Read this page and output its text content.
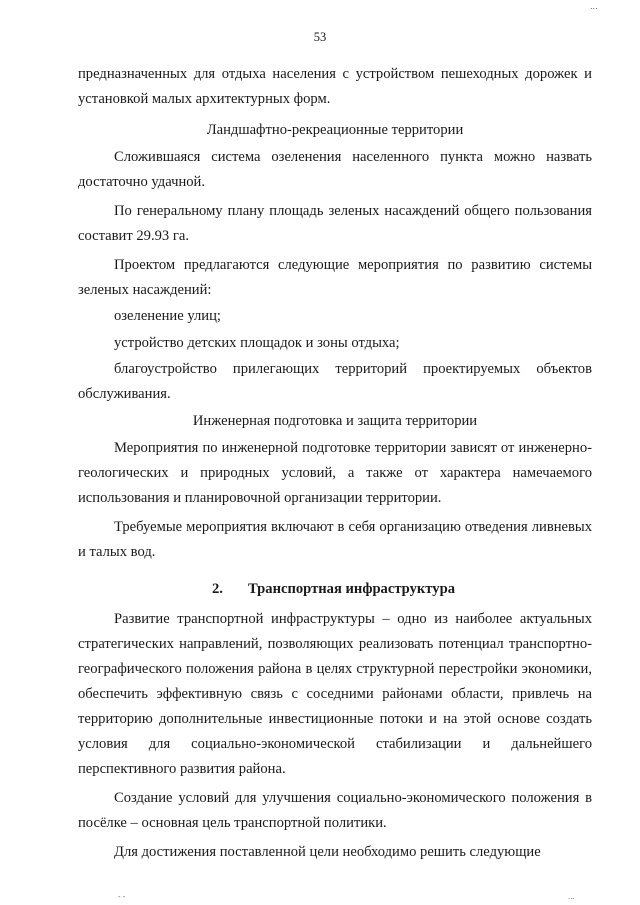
...
53

предназначенных для отдыха населения с устройством пешеходных дорожек и установкой малых архитектурных форм.

Ландшафтно-рекреационные территории

Сложившаяся система озеленения населенного пункта можно назвать достаточно удачной.

По генеральному плану площадь зеленых насаждений общего пользования составит 29.93 га.

Проектом предлагаются следующие мероприятия по развитию системы зеленых насаждений:

озеленение улиц;

устройство детских площадок и зоны отдыха;

благоустройство прилегающих территорий проектируемых объектов обслуживания.

Инженерная подготовка и защита территории

Мероприятия по инженерной подготовке территории зависят от инженерно-геологических и природных условий, а также от характера намечаемого использования и планировочной организации территории.

Требуемые мероприятия включают в себя организацию отведения ливневых и талых вод.

2. Транспортная инфраструктура

Развитие транспортной инфраструктуры – одно из наиболее актуальных стратегических направлений, позволяющих реализовать потенциал транспортно-географического положения района в целях структурной перестройки экономики, обеспечить эффективную связь с соседними районами области, привлечь на территорию дополнительные инвестиционные потоки и на этой основе создать условия для социально-экономической стабилизации и дальнейшего перспективного развития района.

Создание условий для улучшения социально-экономического положения в посёлке – основная цель транспортной политики.

Для достижения поставленной цели необходимо решить следующие

- -	...
